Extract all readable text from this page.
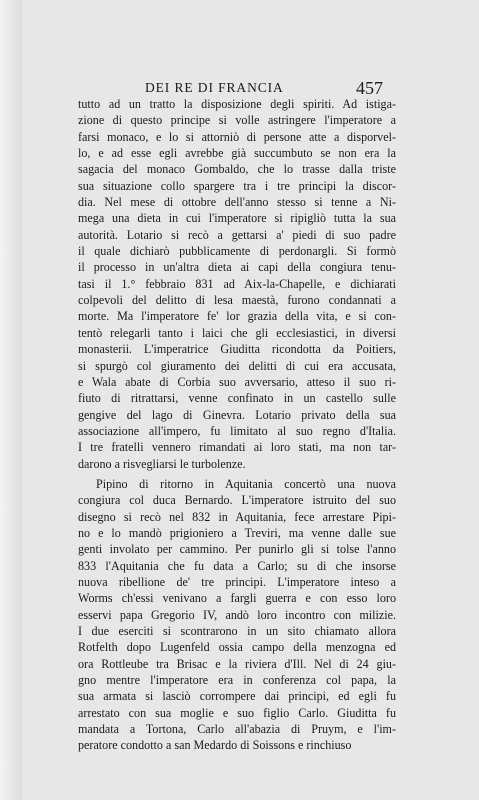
DEI RE DI FRANCIA	457
tutto ad un tratto la disposizione degli spiriti. Ad istiga-
zione di questo principe si volle astringere l'imperatore a
farsi monaco, e lo si attorniò di persone atte a disporvel-
lo, e ad esse egli avrebbe già succumbuto se non era la
sagacia del monaco Gombaldo, che lo trasse dalla triste
sua situazione collo spargere tra i tre principi la discor-
dia. Nel mese di ottobre dell'anno stesso si tenne a Ni-
mega una dieta in cui l'imperatore si ripigliò tutta la sua
autorità. Lotario si recò a gettarsi a' piedi di suo padre
il quale dichiarò pubblicamente di perdonargli. Si formò
il processo in un'altra dieta ai capi della congiura tenu-
tasi il 1.° febbraio 831 ad Aix-la-Chapelle, e dichiarati
colpevoli del delitto di lesa maestà, furono condannati a
morte. Ma l'imperatore fe' lor grazia della vita, e si con-
tentò relegarli tanto i laici che gli ecclesiastici, in diversi
monasterii. L'imperatrice Giuditta ricondotta da Poitiers,
si spurgò col giuramento dei delitti di cui era accusata,
e Wala abate di Corbia suo avversario, atteso il suo ri-
fiuto di ritrattarsi, venne confinato in un castello sulle
gengive del lago di Ginevra. Lotario privato della sua
associazione all'impero, fu limitato al suo regno d'Italia.
I tre fratelli vennero rimandati ai loro stati, ma non tar-
darono a risvegliarsi le turbolenze.
Pipino di ritorno in Aquitania concertò una nuova
congiura col duca Bernardo. L'imperatore istruito del suo
disegno si recò nel 832 in Aquitania, fece arrestare Pipi-
no e lo mandò prigioniero a Treviri, ma venne dalle sue
genti involato per cammino. Per punirlo gli si tolse l'anno
833 l'Aquitania che fu data a Carlo; su di che insorse
nuova ribellione de' tre principi. L'imperatore inteso a
Worms ch'essi venivano a fargli guerra e con esso loro
esservi papa Gregorio IV, andò loro incontro con milizie.
I due eserciti si scontrarono in un sito chiamato allora
Rotfelth dopo Lugenfeld ossia campo della menzogna ed
ora Rottleube tra Brisac e la riviera d'Ill. Nel di 24 giu-
gno mentre l'imperatore era in conferenza col papa, la
sua armata si lasciò corrompere dai principi, ed egli fu
arrestato con sua moglie e suo figlio Carlo. Giuditta fu
mandata a Tortona, Carlo all'abazia di Pruym, e l'im-
peratore condotto a san Medardo di Soissons e rinchiuso
